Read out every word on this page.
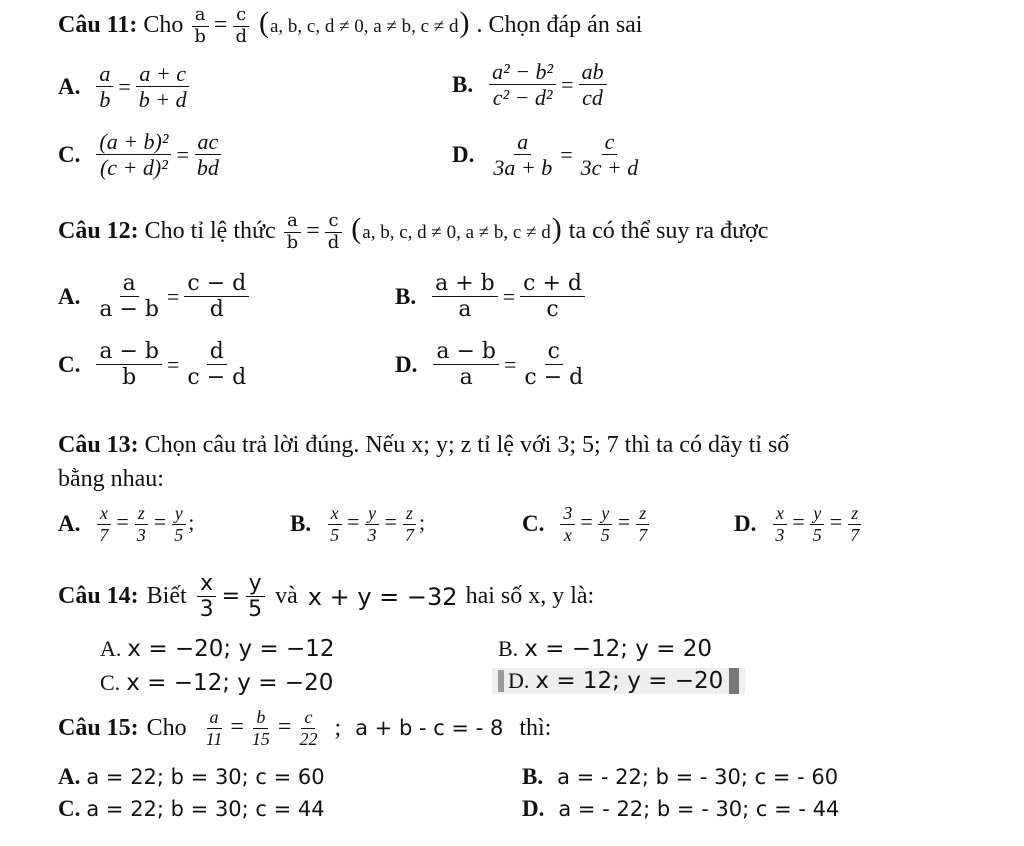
Câu 11: Cho $\frac{a}{b} = \frac{c}{d} (a$, b, c, d ≠ 0, a ≠ b, c ≠ d) . Chọn đáp án sai
A. $\frac{a}{b} = \frac{a + c}{b + d}$	B. $\frac{\text{a² − b²}}{\text{c² − d²}} = \frac{ab}{cd}$
C. $\frac{\text{(a + b)²}}{\text{(c + d)²}} = \frac{ac}{bd}$	D. $\frac{a}{3a + b} = \frac{c}{3c + d}$
Câu 12: Cho tỉ lệ thức $\frac{a}{b} = \frac{c}{d} (a$, b, c, d ≠ 0, a ≠ b, c ≠ d) ta có thể suy ra được
A. $\frac{a}{a - b} = \frac{c - d}{d}$	B. $\frac{a + b}{a} = \frac{c + d}{c}$
C. $\frac{a - b}{b} = \frac{d}{c - d}$	D. $\frac{a - b}{a} = \frac{c}{c - d}$
Câu 13: Chọn câu trả lời đúng. Nếu x; y; z tỉ lệ với 3; 5; 7 thì ta có dãy tỉ số
bằng nhau:
A. $\frac{x}{7} = \frac{z}{3} = \frac{y}{5}$ ;	B. $\frac{x}{5} = \frac{y}{3} = \frac{z}{7}$ ;	C. $\frac{3}{x} = \frac{y}{5} = \frac{z}{7}$	D. $\frac{x}{3} = \frac{y}{5} = \frac{z}{7}$
Câu 14: Biết $\frac{x}{3} = \frac{y}{5}$ và x + y = −32 hai số x, y là:
A. x = −20; y = −12	B. x = −12; y = 20
C. x = −12; y = −20	D. x = 12; y = −20
Câu 15: Cho $\frac{a}{11} = \frac{b}{15} = \frac{c}{22}$ ; a + b - c = - 8 thì:
A. a = 22; b = 30; c = 60	B. a = - 22; b = - 30; c = - 60
C. a = 22; b = 30; c = 44	D. a = - 22; b = - 30; c = - 44
